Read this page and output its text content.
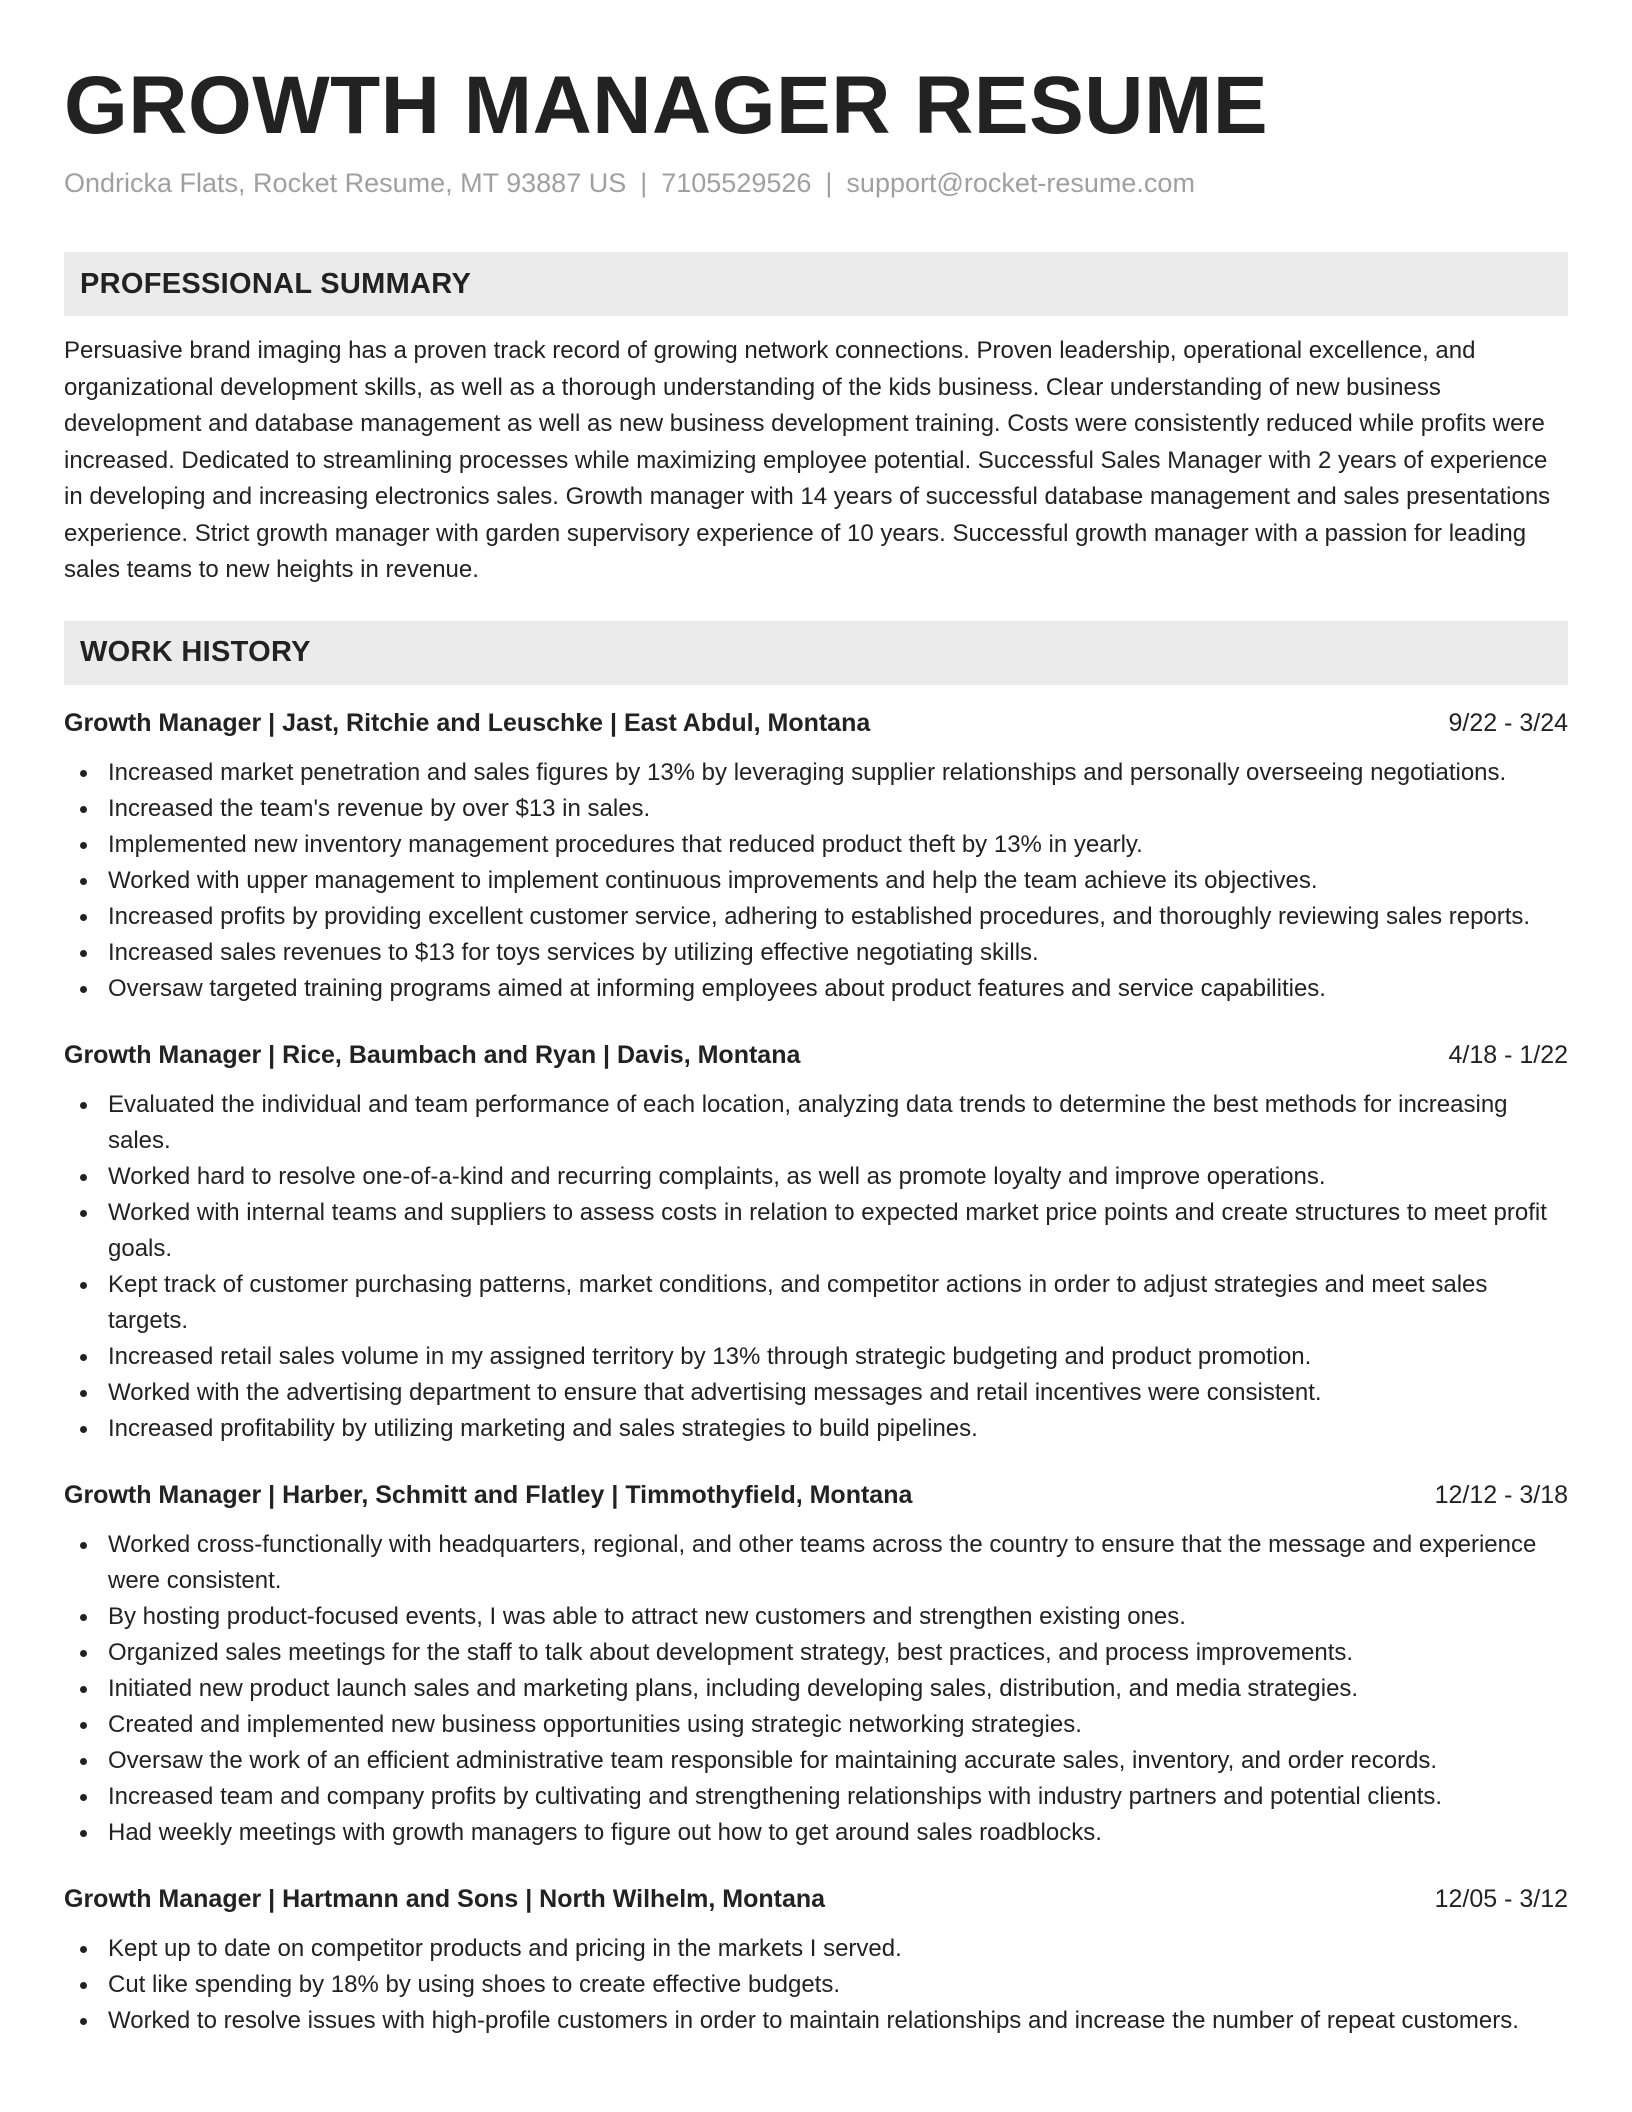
GROWTH MANAGER RESUME
Ondricka Flats, Rocket Resume, MT 93887 US | 7105529526 | support@rocket-resume.com
PROFESSIONAL SUMMARY
Persuasive brand imaging has a proven track record of growing network connections. Proven leadership, operational excellence, and organizational development skills, as well as a thorough understanding of the kids business. Clear understanding of new business development and database management as well as new business development training. Costs were consistently reduced while profits were increased. Dedicated to streamlining processes while maximizing employee potential. Successful Sales Manager with 2 years of experience in developing and increasing electronics sales. Growth manager with 14 years of successful database management and sales presentations experience. Strict growth manager with garden supervisory experience of 10 years. Successful growth manager with a passion for leading sales teams to new heights in revenue.
WORK HISTORY
Growth Manager | Jast, Ritchie and Leuschke | East Abdul, Montana	9/22 - 3/24
Increased market penetration and sales figures by 13% by leveraging supplier relationships and personally overseeing negotiations.
Increased the team's revenue by over $13 in sales.
Implemented new inventory management procedures that reduced product theft by 13% in yearly.
Worked with upper management to implement continuous improvements and help the team achieve its objectives.
Increased profits by providing excellent customer service, adhering to established procedures, and thoroughly reviewing sales reports.
Increased sales revenues to $13 for toys services by utilizing effective negotiating skills.
Oversaw targeted training programs aimed at informing employees about product features and service capabilities.
Growth Manager | Rice, Baumbach and Ryan | Davis, Montana	4/18 - 1/22
Evaluated the individual and team performance of each location, analyzing data trends to determine the best methods for increasing sales.
Worked hard to resolve one-of-a-kind and recurring complaints, as well as promote loyalty and improve operations.
Worked with internal teams and suppliers to assess costs in relation to expected market price points and create structures to meet profit goals.
Kept track of customer purchasing patterns, market conditions, and competitor actions in order to adjust strategies and meet sales targets.
Increased retail sales volume in my assigned territory by 13% through strategic budgeting and product promotion.
Worked with the advertising department to ensure that advertising messages and retail incentives were consistent.
Increased profitability by utilizing marketing and sales strategies to build pipelines.
Growth Manager | Harber, Schmitt and Flatley | Timmothyfield, Montana	12/12 - 3/18
Worked cross-functionally with headquarters, regional, and other teams across the country to ensure that the message and experience were consistent.
By hosting product-focused events, I was able to attract new customers and strengthen existing ones.
Organized sales meetings for the staff to talk about development strategy, best practices, and process improvements.
Initiated new product launch sales and marketing plans, including developing sales, distribution, and media strategies.
Created and implemented new business opportunities using strategic networking strategies.
Oversaw the work of an efficient administrative team responsible for maintaining accurate sales, inventory, and order records.
Increased team and company profits by cultivating and strengthening relationships with industry partners and potential clients.
Had weekly meetings with growth managers to figure out how to get around sales roadblocks.
Growth Manager | Hartmann and Sons | North Wilhelm, Montana	12/05 - 3/12
Kept up to date on competitor products and pricing in the markets I served.
Cut like spending by 18% by using shoes to create effective budgets.
Worked to resolve issues with high-profile customers in order to maintain relationships and increase the number of repeat customers.
